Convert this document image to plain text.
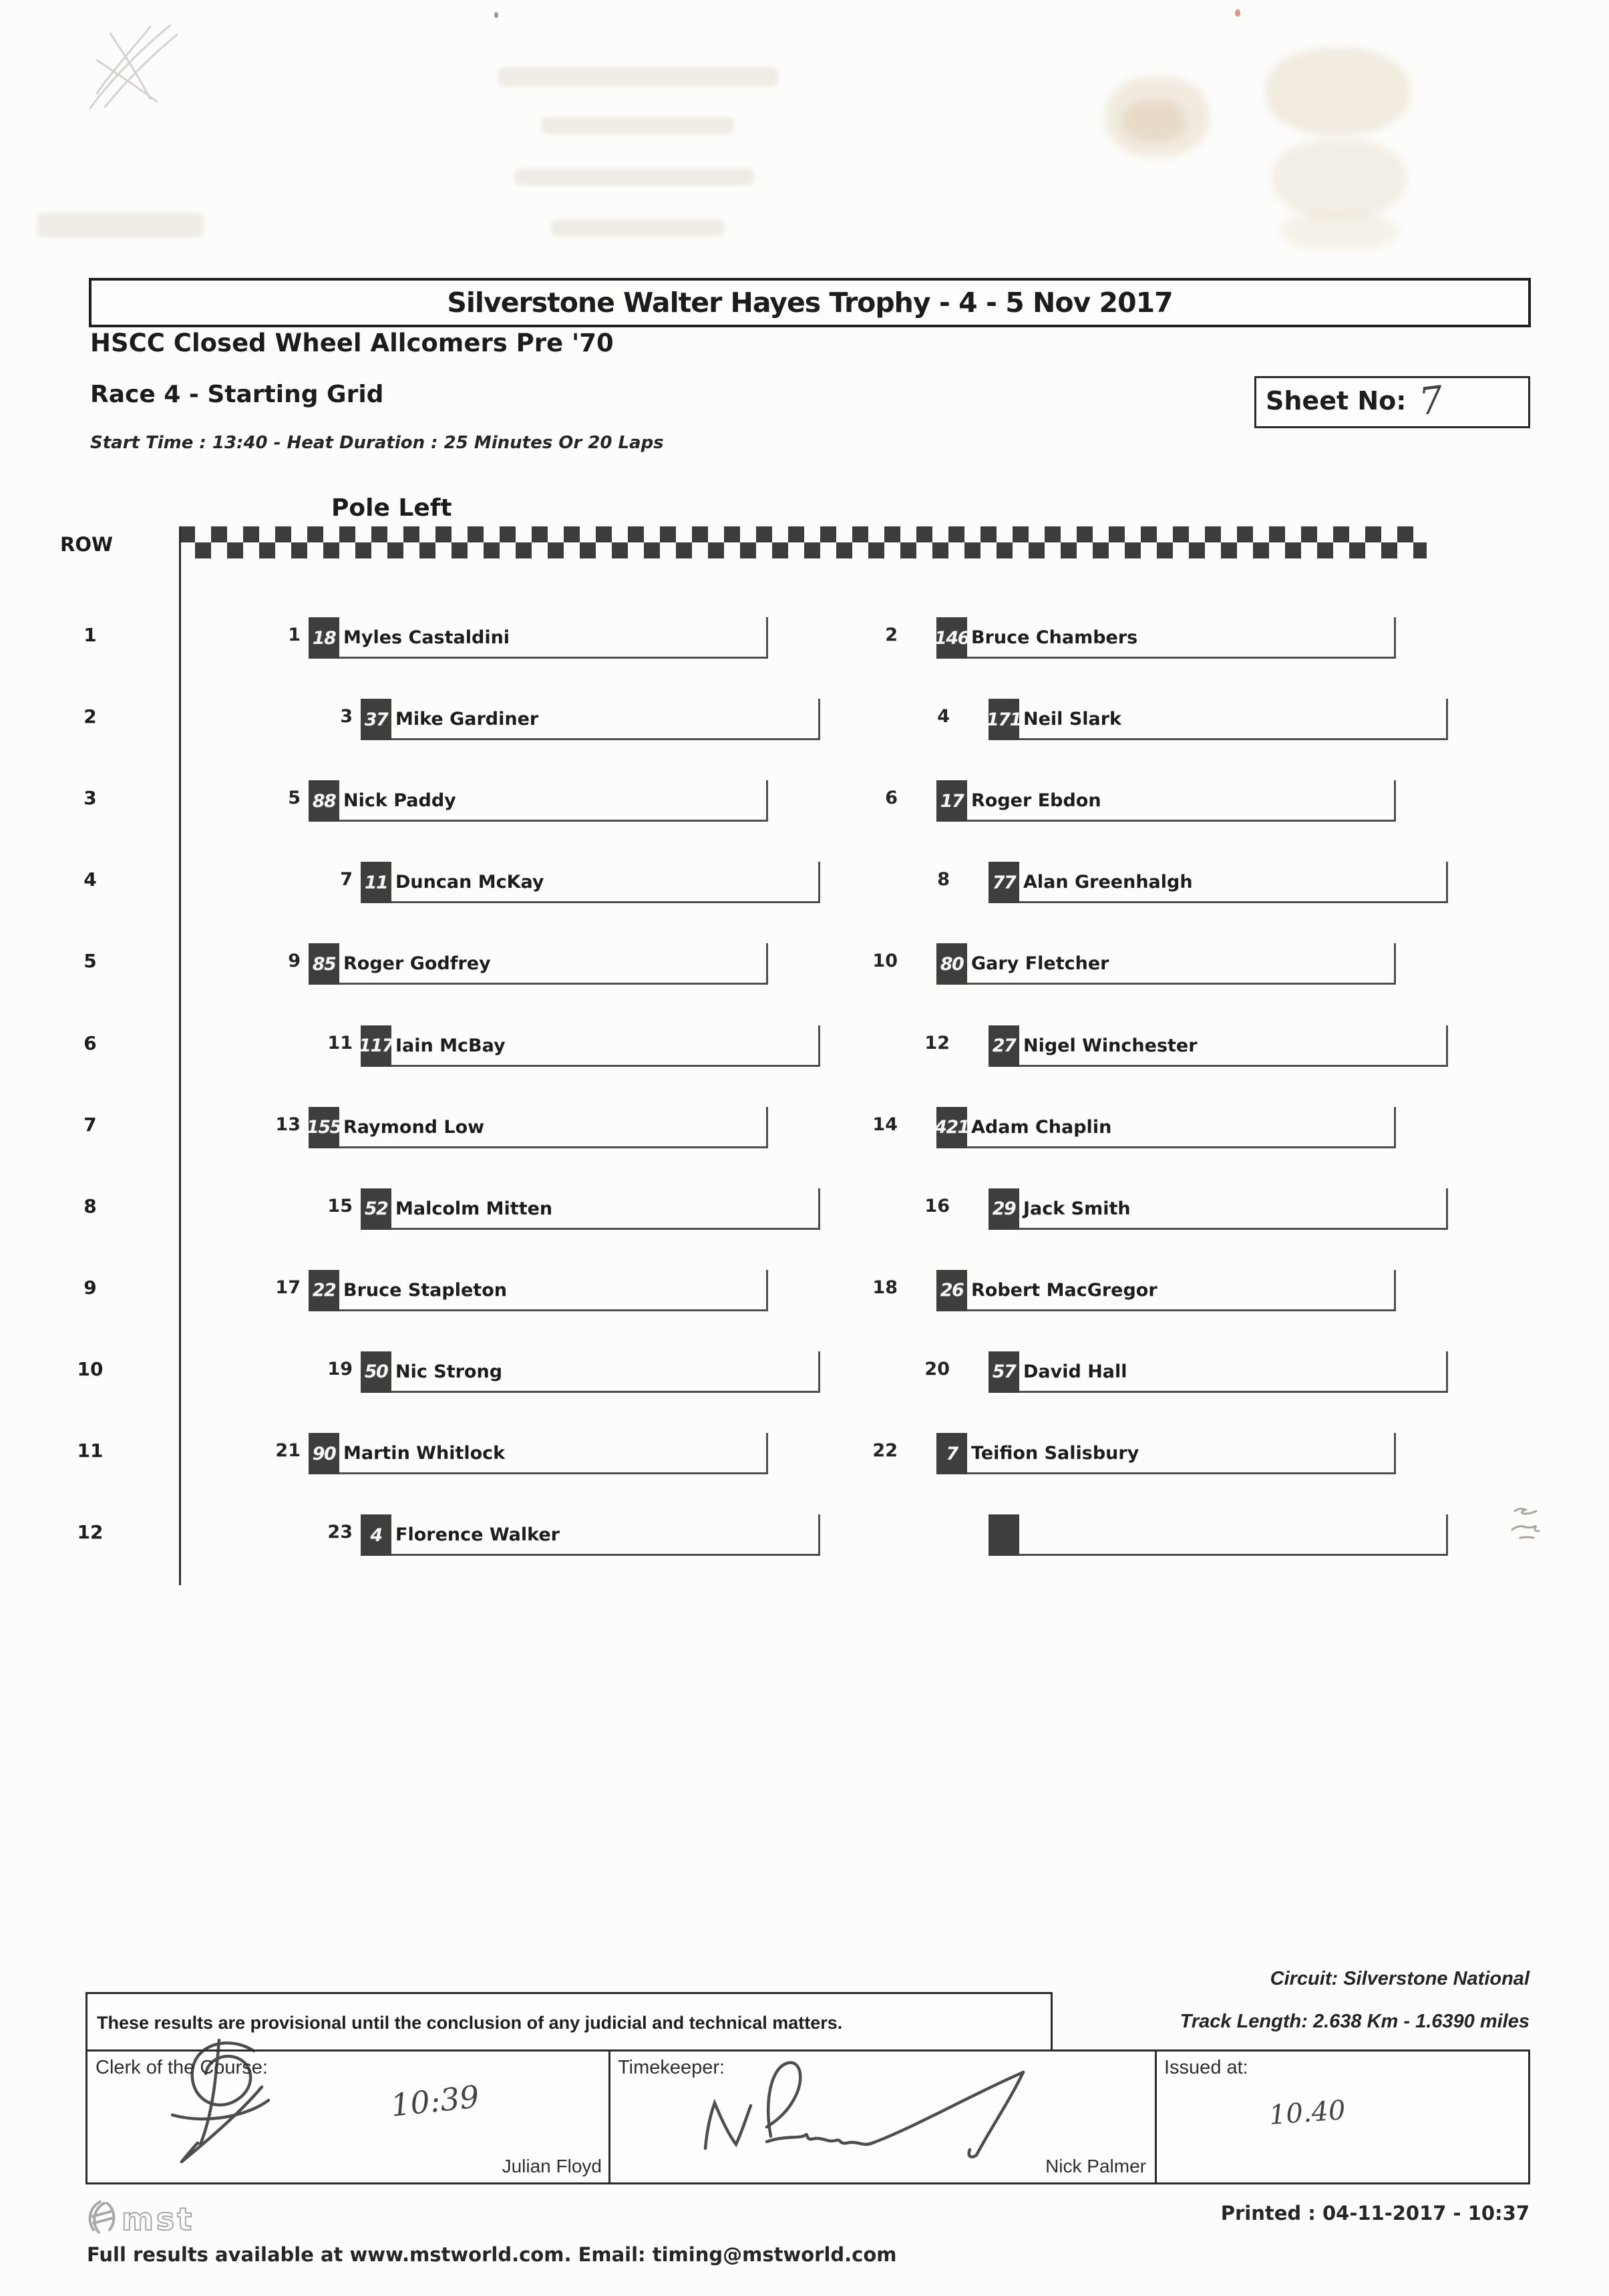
Silverstone Walter Hayes Trophy - 4 - 5 Nov 2017
HSCC Closed Wheel Allcomers Pre '70
Race 4 - Starting Grid	Sheet No: 7
Start Time : 13:40 - Heat Duration : 25 Minutes Or 20 Laps
Pole Left
ROW
1	1 18 Myles Castaldini	2 146 Bruce Chambers
2	3 37 Mike Gardiner	4 171 Neil Slark
3	5 88 Nick Paddy	6 17 Roger Ebdon
4	7 11 Duncan McKay	8 77 Alan Greenhalgh
5	9 85 Roger Godfrey	10 80 Gary Fletcher
6	11 117 Iain McBay	12 27 Nigel Winchester
7	13 155 Raymond Low	14 421 Adam Chaplin
8	15 52 Malcolm Mitten	16 29 Jack Smith
9	17 22 Bruce Stapleton	18 26 Robert MacGregor
10	19 50 Nic Strong	20 57 David Hall
11	21 90 Martin Whitlock	22	7 Teifion Salisbury
12	23 4 Florence Walker
Circuit: Silverstone National
Track Length: 2.638 Km - 1.6390 miles
These results are provisional until the conclusion of any judicial and technical matters.
Clerk of the Course:	Timekeeper:	Issued at:
Julian Floyd	Nick Palmer
10:39	10.40
mst	Printed : 04-11-2017 - 10:37
Full results available at www.mstworld.com. Email: timing@mstworld.com
